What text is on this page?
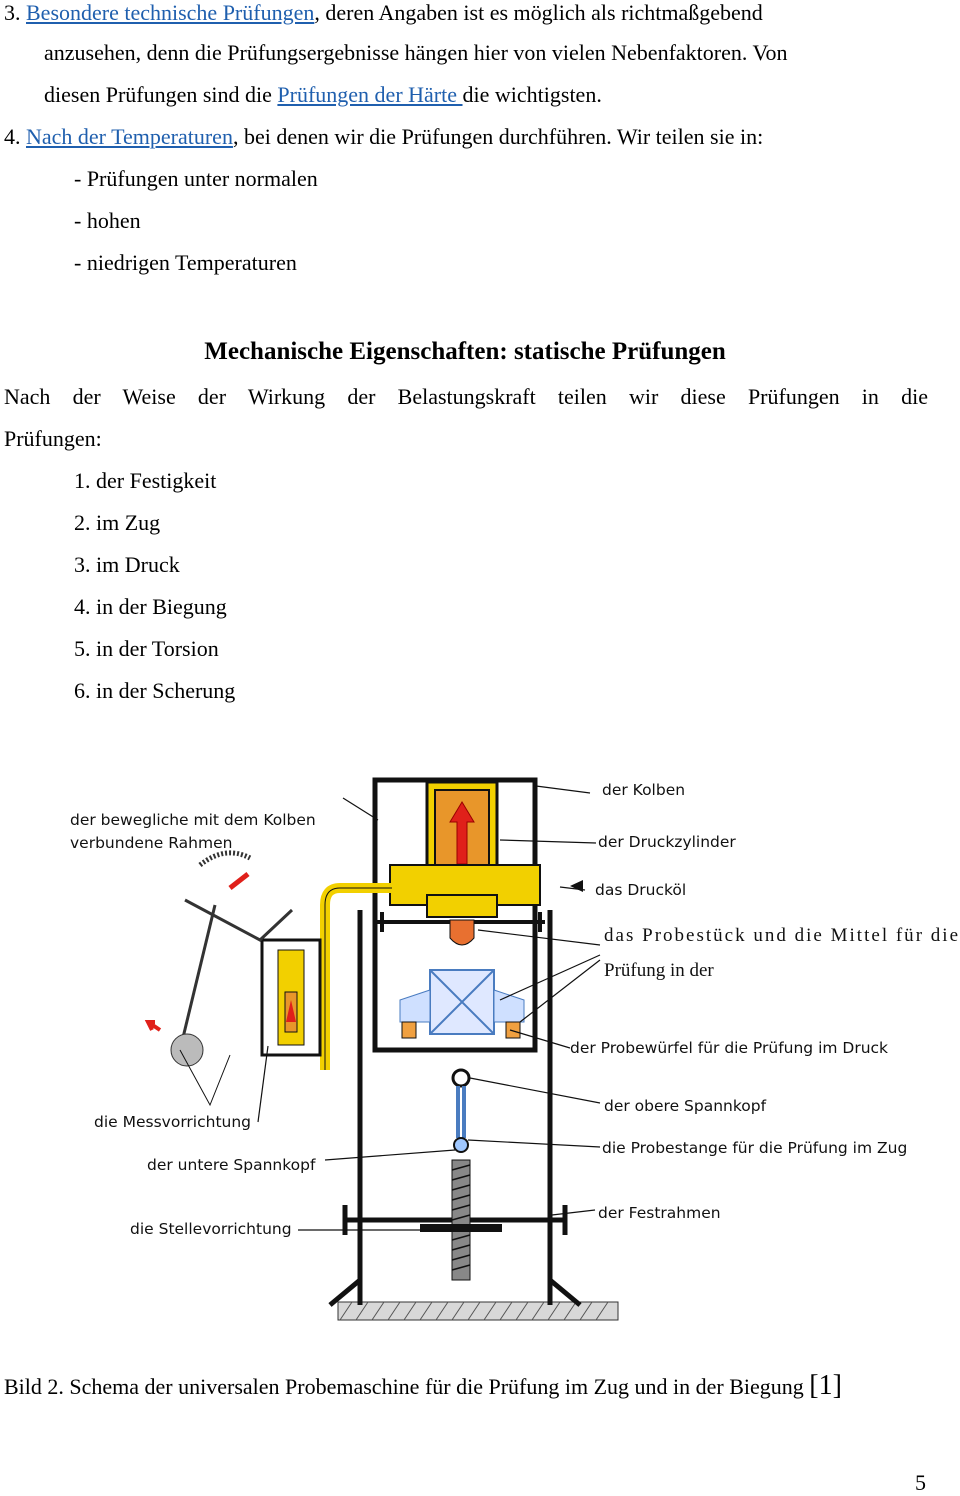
3. Besondere technische Prüfungen, deren Angaben ist es möglich als richtmaßgebend
anzusehen, denn die Prüfungsergebnisse hängen hier von vielen Nebenfaktoren. Von
diesen Prüfungen sind die Prüfungen der Härte die wichtigsten.
4. Nach der Temperaturen, bei denen wir die Prüfungen durchführen. Wir teilen sie in:
- Prüfungen unter normalen
- hohen
- niedrigen Temperaturen
Mechanische Eigenschaften: statische Prüfungen
Nach der Weise der Wirkung der Belastungskraft teilen wir diese Prüfungen in die
Prüfungen:
1. der Festigkeit
2. im Zug
3. im Druck
4. in der Biegung
5. in der Torsion
6. in der Scherung
der bewegliche mit dem Kolben
verbundene Rahmen
die Messvorrichtung
der untere Spannkopf
die Stellevorrichtung
der Kolben
der Druckzylinder
das Drucköl
das Probestück und die Mittel für die
Prüfung in der
der Probewürfel für die Prüfung im Druck
der obere Spannkopf
die Probestange für die Prüfung im Zug
der Festrahmen
Bild 2. Schema der universalen Probemaschine für die Prüfung im Zug und in der Biegung [1]
5
